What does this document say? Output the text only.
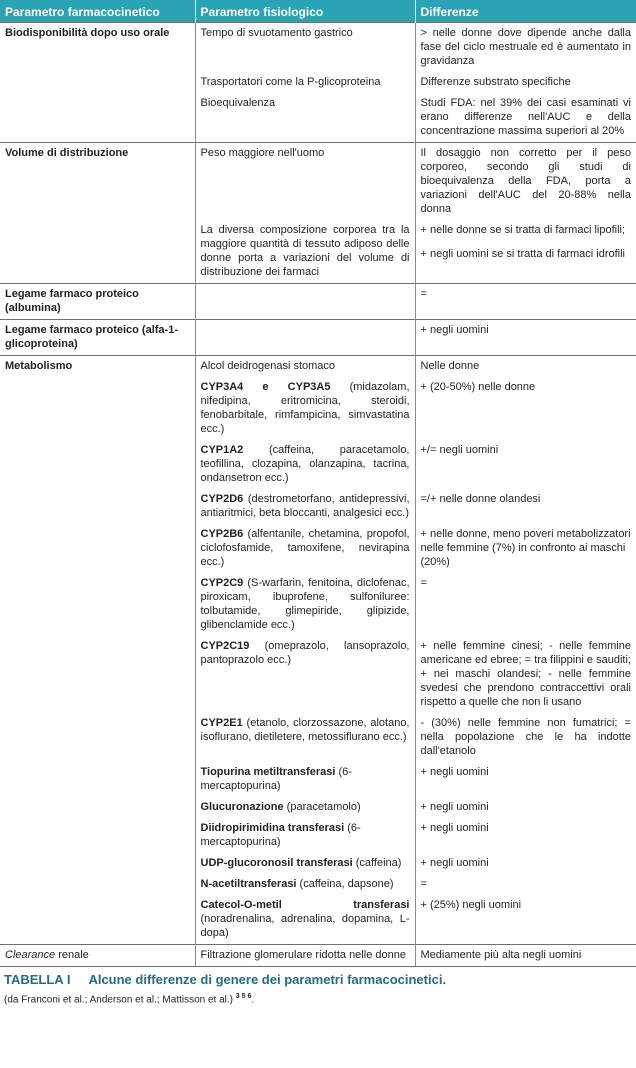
Parametro farmacocinetico	Parametro fisiologico	Differenze
Biodisponibilità dopo uso orale	Tempo di svuotamento gastrico	> nelle donne dove dipende anche dalla fase del ciclo mestruale ed è aumentato in gravidanza
	Trasportatori come la P-glicoproteina	Differenze substrato specifiche
	Bioequivalenza	Studi FDA: nel 39% dei casi esaminati vi erano differenze nell'AUC e della concentrazione massima superiori al 20%
Volume di distribuzione	Peso maggiore nell'uomo	Il dosaggio non corretto per il peso corporeo, secondo gli studi di bioequivalenza della FDA, porta a variazioni dell'AUC del 20-88% nella donna
	La diversa composizione corporea tra la maggiore quantità di tessuto adiposo delle donne porta a variazioni del volume di distribuzione dei farmaci	+ nelle donne se si tratta di farmaci lipofili;
+ negli uomini se si tratta di farmaci idrofili

Legame farmaco proteico (albumina)		=
Legame farmaco proteico (alfa-1-glicoproteina)		+ negli uomini
Metabolismo	Alcol deidrogenasi stomaco	Nelle donne
	CYP3A4 e CYP3A5 (midazolam, nifedipina, eritromicina, steroidi, fenobarbitale, rimfampicina, simvastatina ecc.)	+ (20-50%) nelle donne
	CYP1A2 (caffeina, paracetamolo, teofillina, clozapina, olanzapina, tacrina, ondansetron ecc.)	+/= negli uomini
	CYP2D6 (destrometorfano, antidepressivi, antiaritmici, beta bloccanti, analgesici ecc.)	=/+ nelle donne olandesi
	CYP2B6 (alfentanile, chetamina, propofol, ciclofosfamide, tamoxifene, nevirapina ecc.)	+ nelle donne, meno poveri metabolizzatori nelle femmine (7%) in confronto ai maschi (20%)
	CYP2C9 (S-warfarin, fenitoina, diclofenac, piroxicam, ibuprofene, sulfoniluree: tolbutamide, glimepiride, glipizide, glibenclamide ecc.)	=
	CYP2C19 (omeprazolo, lansoprazolo, pantoprazolo ecc.)	+ nelle femmine cinesi; - nelle femmine americane ed ebree; = tra filippini e sauditi; + nei maschi olandesi; - nelle femmine svedesi che prendono contraccettivi orali rispetto a quelle che non li usano
	CYP2E1 (etanolo, clorzossazone, alotano, isoflurano, dietiletere, metossiflurano ecc.)	- (30%) nelle femmine non fumatrici; = nella popolazione che le ha indotte dall'etanolo
	Tiopurina metiltransferasi (6-mercaptopurina)	+ negli uomini
	Glucuronazione (paracetamolo)	+ negli uomini
	Diidropirimidina transferasi (6-mercaptopurina)	+ negli uomini
	UDP-glucoronosil transferasi (caffeina)	+ negli uomini
	N-acetiltransferasi (caffeina, dapsone)	=
	Catecol-O-metil transferasi (noradrenalina, adrenalina, dopamina, L-dopa)	+ (25%) negli uomini
Clearance renale	Filtrazione glomerulare ridotta nelle donne	Mediamente più alta negli uomini
TABELLA I Alcune differenze di genere dei parametri farmacocinetici.
(da Franconi et al.; Anderson et al.; Mattisson et al.) $^{3 5 6}$.
